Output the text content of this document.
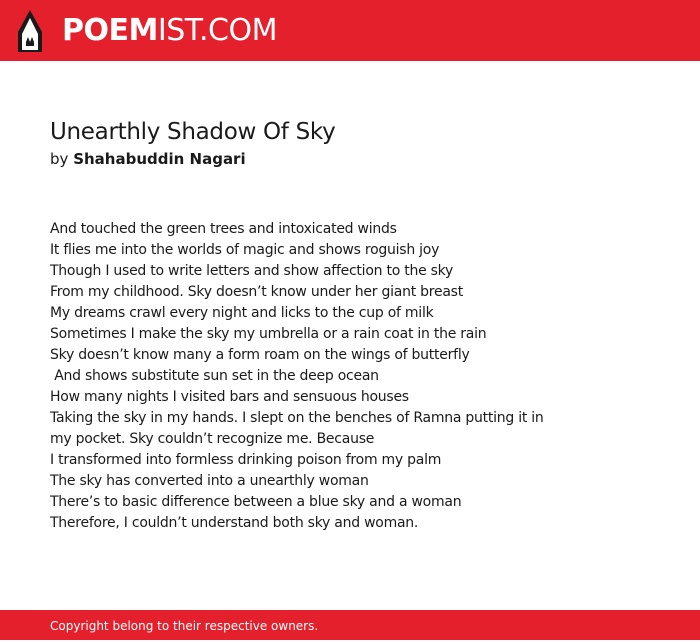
POEMIST.COM
Unearthly Shadow Of Sky
by Shahabuddin Nagari
And touched the green trees and intoxicated winds
It flies me into the worlds of magic and shows roguish joy
Though I used to write letters and show affection to the sky
From my childhood. Sky doesn’t know under her giant breast
My dreams crawl every night and licks to the cup of milk
Sometimes I make the sky my umbrella or a rain coat in the rain
Sky doesn’t know many a form roam on the wings of butterfly
And shows substitute sun set in the deep ocean
How many nights I visited bars and sensuous houses
Taking the sky in my hands. I slept on the benches of Ramna putting it in
my pocket. Sky couldn’t recognize me. Because
I transformed into formless drinking poison from my palm
The sky has converted into a unearthly woman
There’s to basic difference between a blue sky and a woman
Therefore, I couldn’t understand both sky and woman.
Copyright belong to their respective owners.
